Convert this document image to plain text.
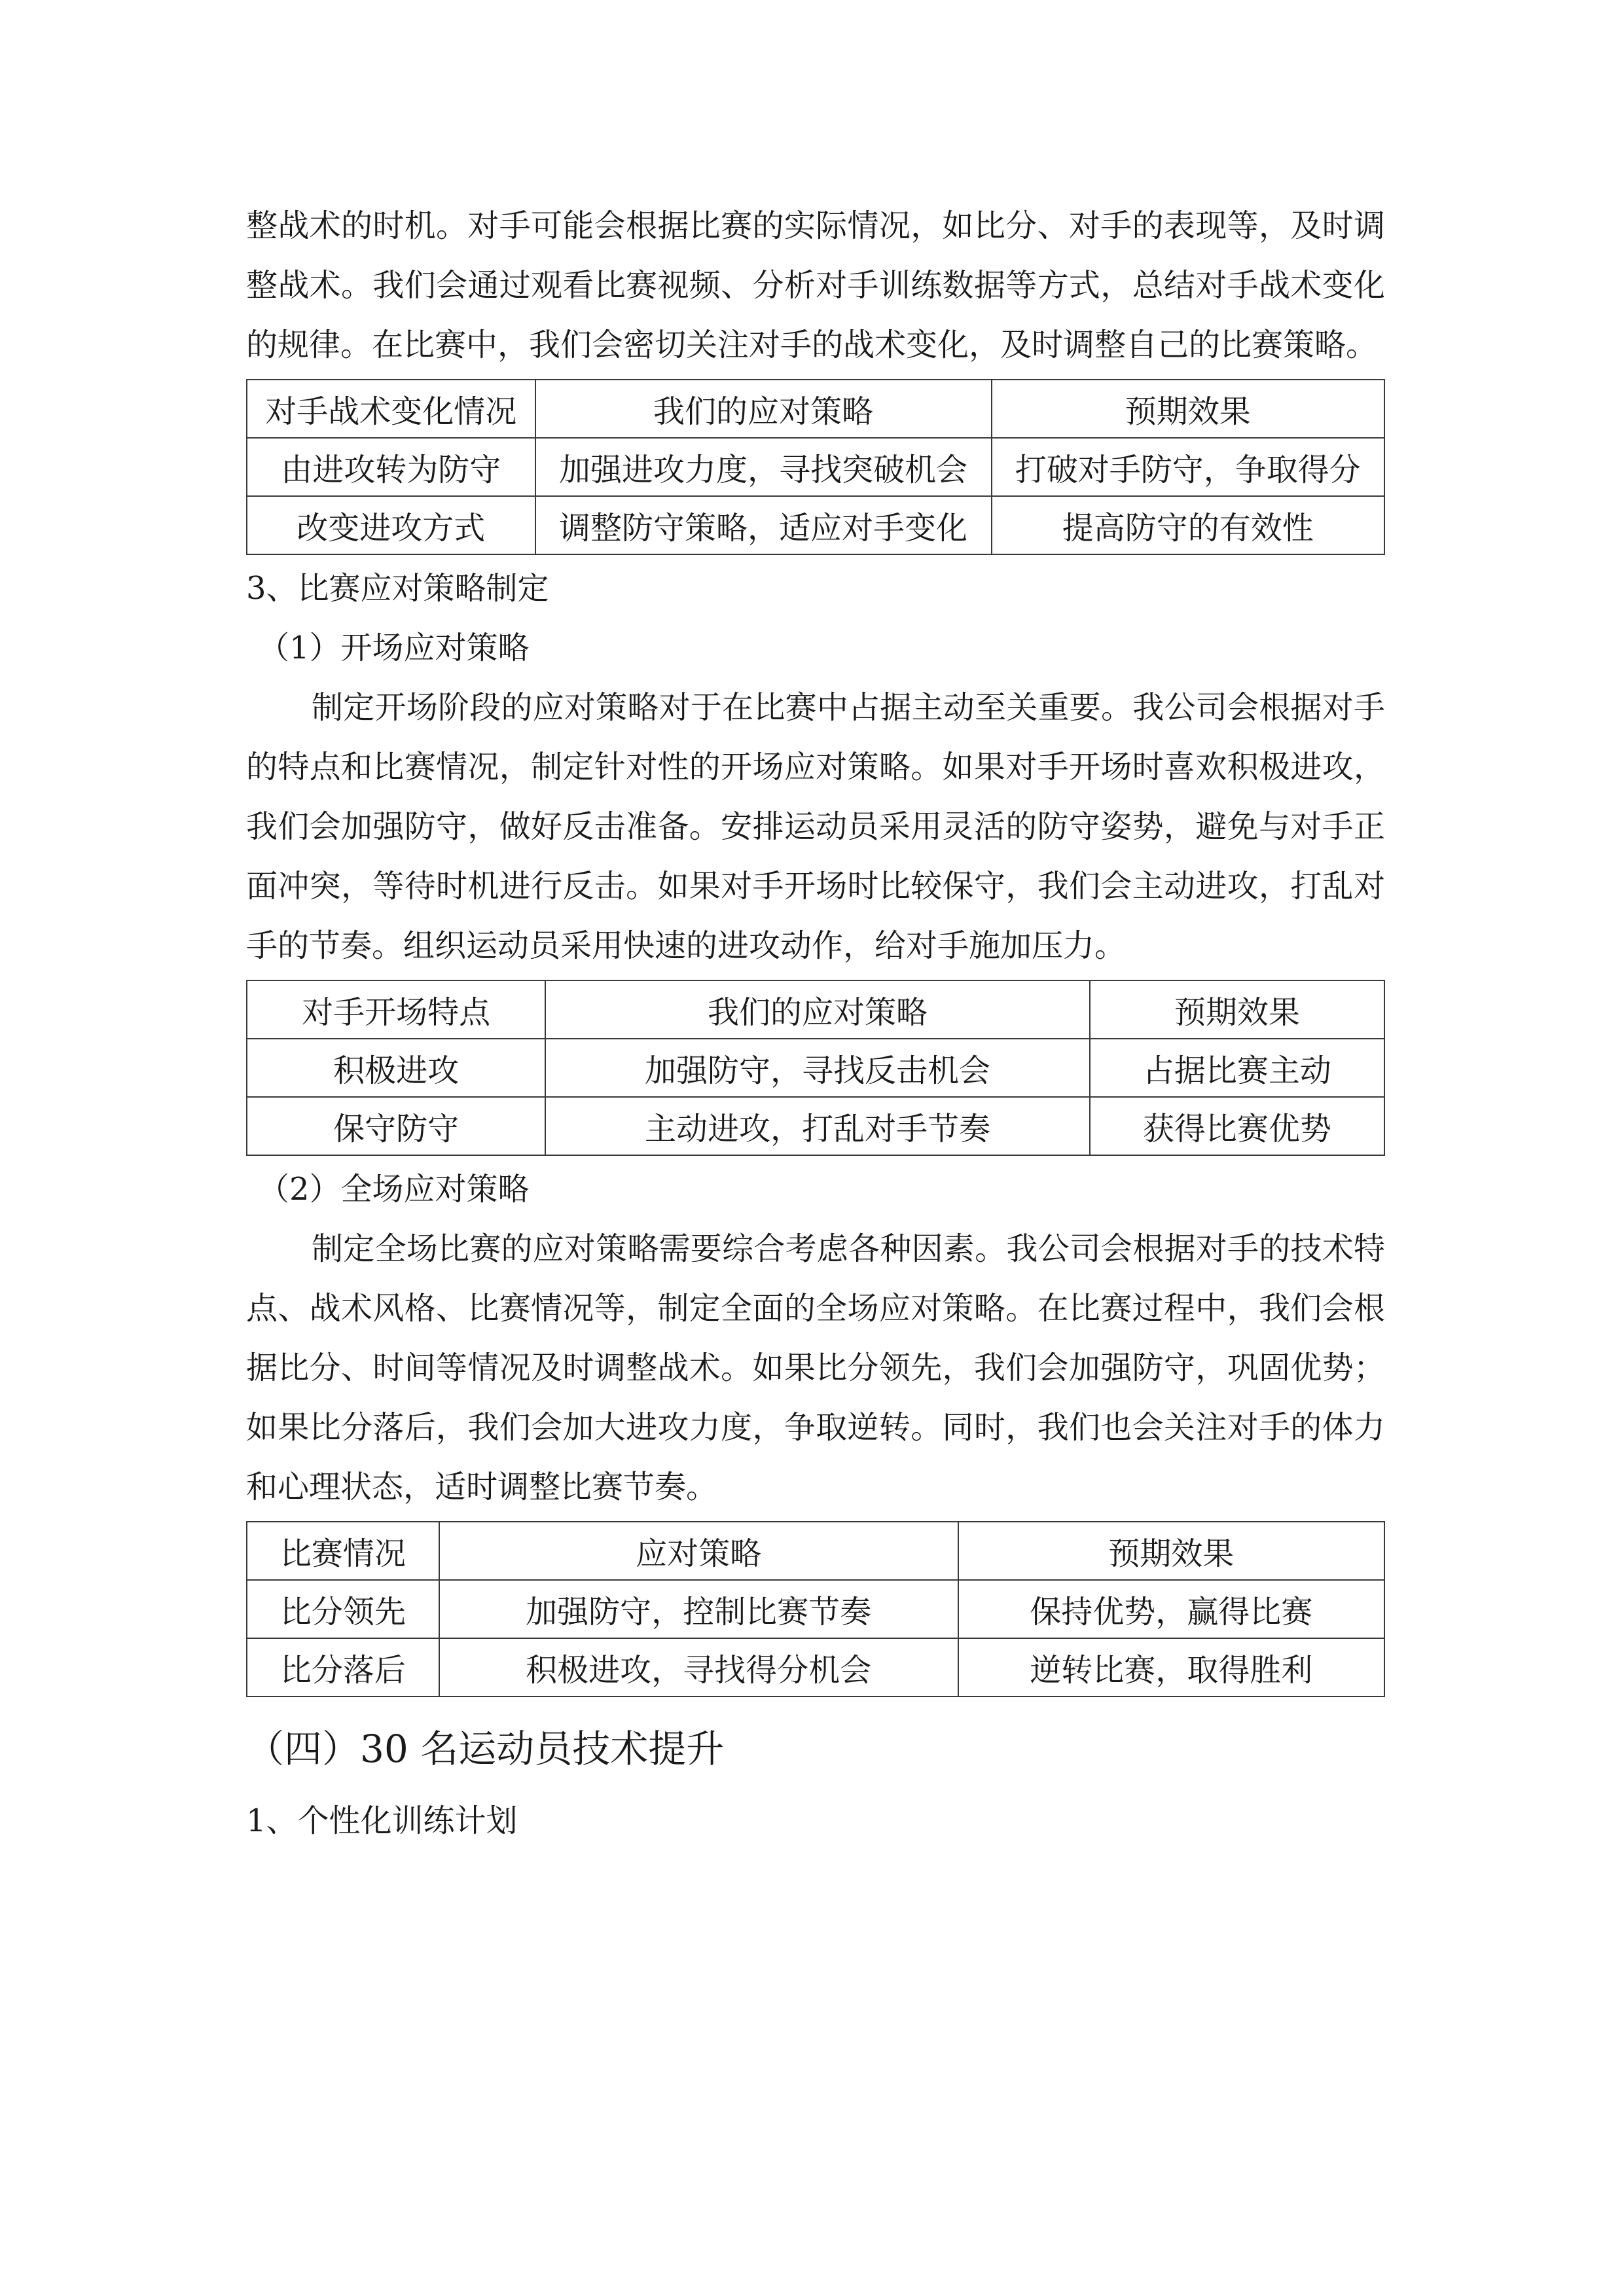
整战术的时机。对手可能会根据比赛的实际情况，如比分、对手的表现等，及时调整战术。我们会通过观看比赛视频、分析对手训练数据等方式，总结对手战术变化的规律。在比赛中，我们会密切关注对手的战术变化，及时调整自己的比赛策略。

对手战术变化情况	我们的应对策略	预期效果
由进攻转为防守	加强进攻力度，寻找突破机会	打破对手防守，争取得分
改变进攻方式	调整防守策略，适应对手变化	提高防守的有效性

3、比赛应对策略制定

（1）开场应对策略

制定开场阶段的应对策略对于在比赛中占据主动至关重要。我公司会根据对手的特点和比赛情况，制定针对性的开场应对策略。如果对手开场时喜欢积极进攻，我们会加强防守，做好反击准备。安排运动员采用灵活的防守姿势，避免与对手正面冲突，等待时机进行反击。如果对手开场时比较保守，我们会主动进攻，打乱对手的节奏。组织运动员采用快速的进攻动作，给对手施加压力。

对手开场特点	我们的应对策略	预期效果
积极进攻	加强防守，寻找反击机会	占据比赛主动
保守防守	主动进攻，打乱对手节奏	获得比赛优势

（2）全场应对策略

制定全场比赛的应对策略需要综合考虑各种因素。我公司会根据对手的技术特点、战术风格、比赛情况等，制定全面的全场应对策略。在比赛过程中，我们会根据比分、时间等情况及时调整战术。如果比分领先，我们会加强防守，巩固优势；如果比分落后，我们会加大进攻力度，争取逆转。同时，我们也会关注对手的体力和心理状态，适时调整比赛节奏。

比赛情况	应对策略	预期效果
比分领先	加强防守，控制比赛节奏	保持优势，赢得比赛
比分落后	积极进攻，寻找得分机会	逆转比赛，取得胜利

（四）30 名运动员技术提升

1、个性化训练计划
